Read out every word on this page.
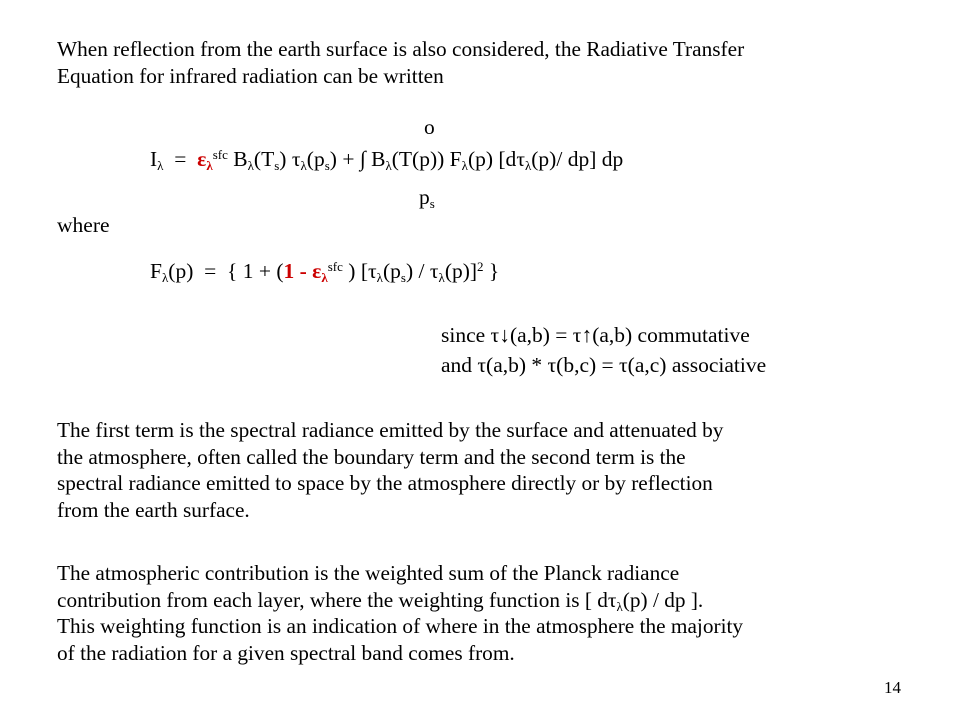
When reflection from the earth surface is also considered, the Radiative Transfer
Equation for infrared radiation can be written
o
$I_\lambda = \varepsilon_\lambda^{sfc}$ $B_\lambda(T_s) \tau_\lambda(p_s)$ + ∫ $B_\lambda(T(p))$ $F_\lambda(p)$ [$d\tau_\lambda(p)/$ dp] dp
$p_s$
where
$F_\lambda(p)$ = { $1 + (1 - \varepsilon_\lambda^{sfc}$ ) $[\tau_\lambda(p_s) / \tau_\lambda(p)]^2$ }
since τ↓(a,b) = τ↑(a,b) commutative
and τ(a,b) * τ(b,c) = τ(a,c) associative
The first term is the spectral radiance emitted by the surface and attenuated by
the atmosphere, often called the boundary term and the second term is the
spectral radiance emitted to space by the atmosphere directly or by reflection
from the earth surface.
The atmospheric contribution is the weighted sum of the Planck radiance
contribution from each layer, where the weighting function is [ $d\tau_\lambda(p)$ / dp ].
This weighting function is an indication of where in the atmosphere the majority
of the radiation for a given spectral band comes from.
14
